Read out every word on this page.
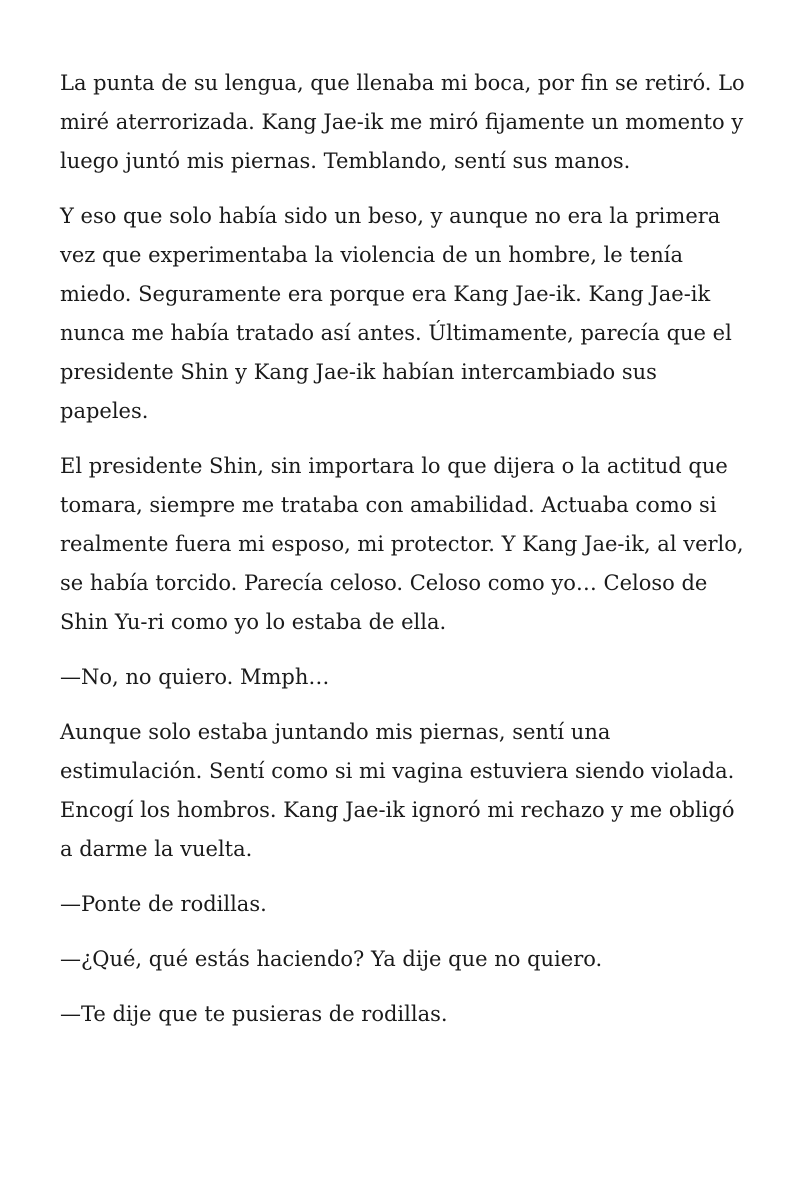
La punta de su lengua, que llenaba mi boca, por fin se retiró. Lo miré aterrorizada. Kang Jae-ik me miró fijamente un momento y luego juntó mis piernas. Temblando, sentí sus manos.

Y eso que solo había sido un beso, y aunque no era la primera vez que experimentaba la violencia de un hombre, le tenía miedo. Seguramente era porque era Kang Jae-ik. Kang Jae-ik nunca me había tratado así antes. Últimamente, parecía que el presidente Shin y Kang Jae-ik habían intercambiado sus papeles.

El presidente Shin, sin importara lo que dijera o la actitud que tomara, siempre me trataba con amabilidad. Actuaba como si realmente fuera mi esposo, mi protector. Y Kang Jae-ik, al verlo, se había torcido. Parecía celoso. Celoso como yo… Celoso de Shin Yu-ri como yo lo estaba de ella.

—No, no quiero. Mmph…

Aunque solo estaba juntando mis piernas, sentí una estimulación. Sentí como si mi vagina estuviera siendo violada. Encogí los hombros. Kang Jae-ik ignoró mi rechazo y me obligó a darme la vuelta.

—Ponte de rodillas.

—¿Qué, qué estás haciendo? Ya dije que no quiero.

—Te dije que te pusieras de rodillas.
